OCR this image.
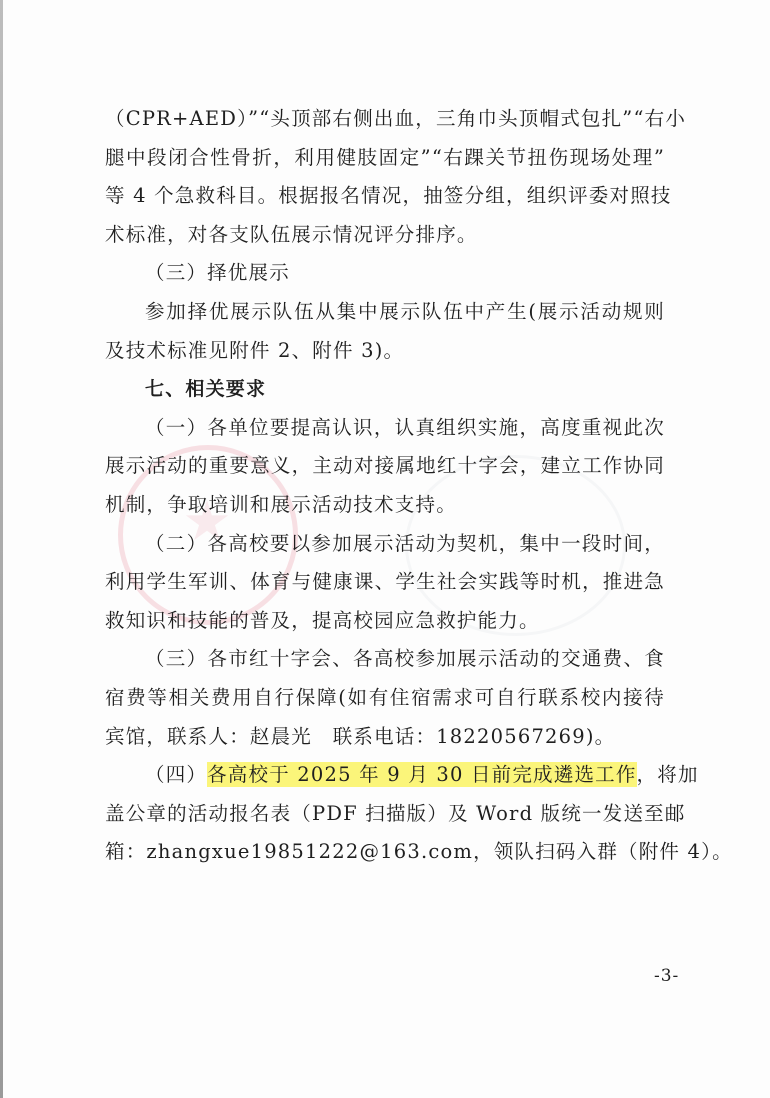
（CPR+AED）”“头顶部右侧出血，三角巾头顶帽式包扎”“右小
腿中段闭合性骨折，利用健肢固定”“右踝关节扭伤现场处理”
等 4 个急救科目。根据报名情况，抽签分组，组织评委对照技
术标准，对各支队伍展示情况评分排序。
（三）择优展示
参加择优展示队伍从集中展示队伍中产生(展示活动规则
及技术标准见附件 2、附件 3)。
七、相关要求
（一）各单位要提高认识，认真组织实施，高度重视此次
展示活动的重要意义，主动对接属地红十字会，建立工作协同
机制，争取培训和展示活动技术支持。
（二）各高校要以参加展示活动为契机，集中一段时间，
利用学生军训、体育与健康课、学生社会实践等时机，推进急
救知识和技能的普及，提高校园应急救护能力。
（三）各市红十字会、各高校参加展示活动的交通费、食
宿费等相关费用自行保障(如有住宿需求可自行联系校内接待
宾馆，联系人：赵晨光　联系电话：18220567269)。
（四）各高校于 2025 年 9 月 30 日前完成遴选工作，将加
盖公章的活动报名表（PDF 扫描版）及 Word 版统一发送至邮
箱：zhangxue19851222@163.com，领队扫码入群（附件 4）。
-3-
